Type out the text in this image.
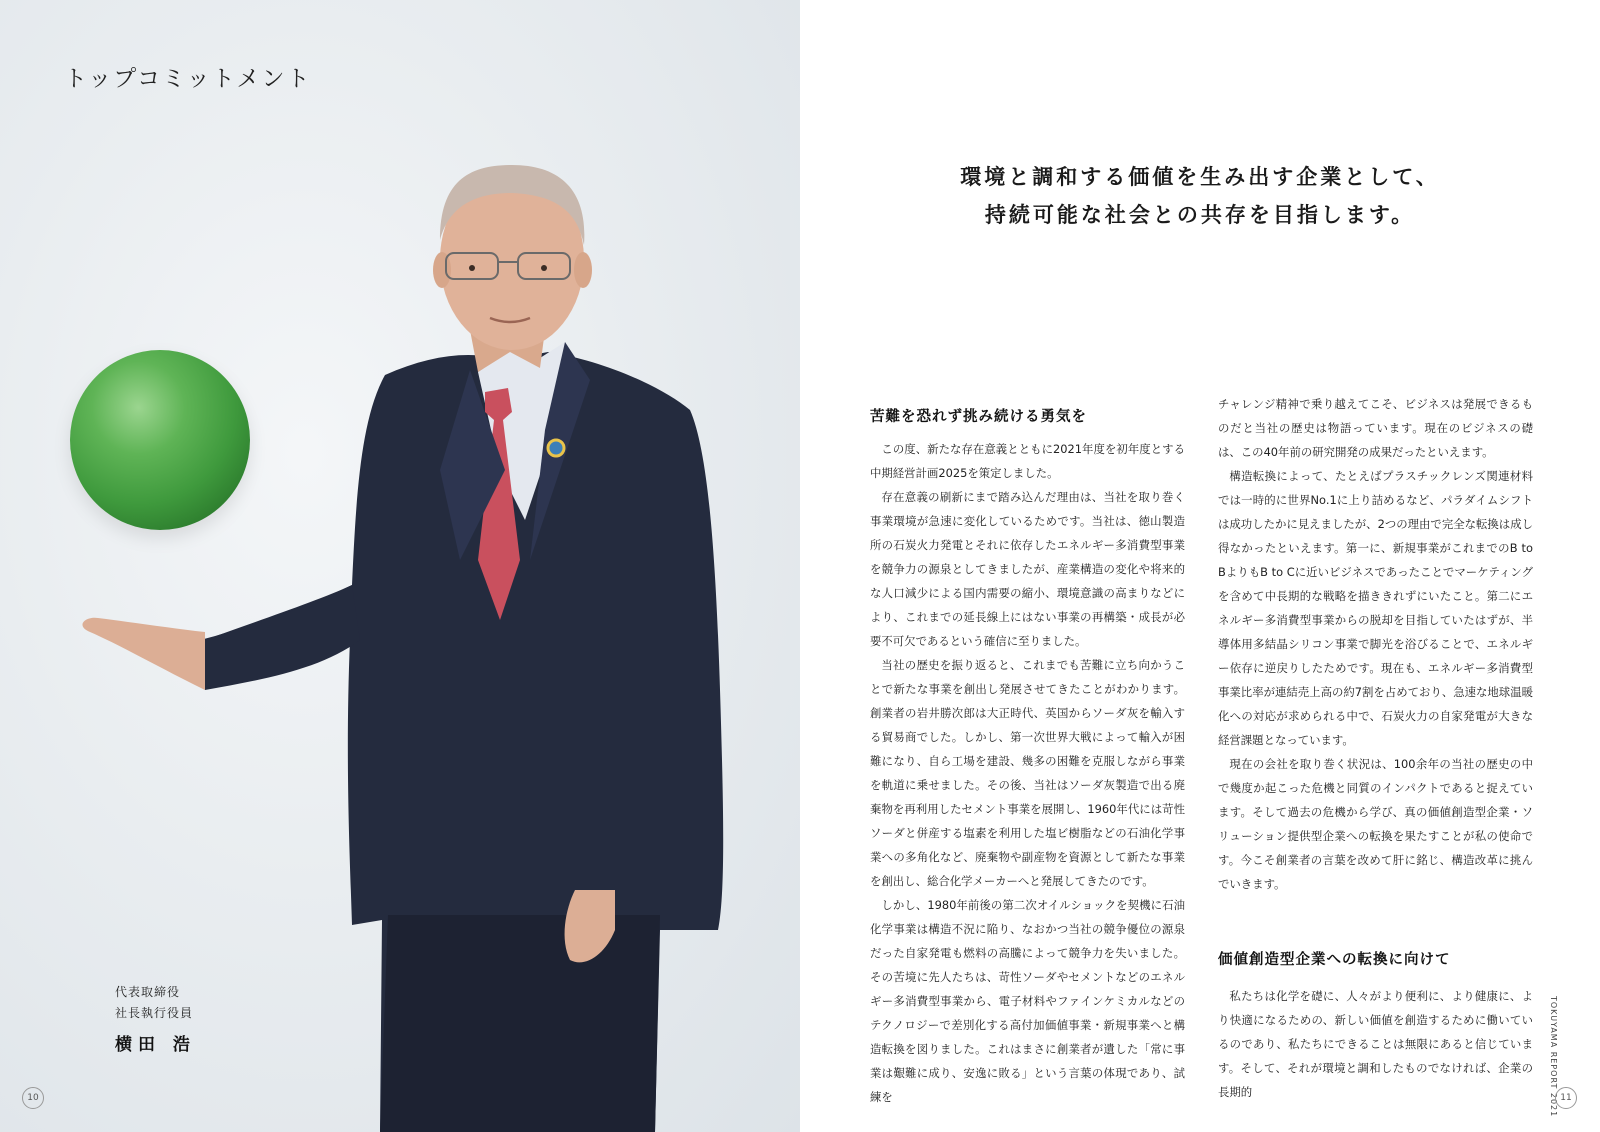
トップコミットメント
代表取締役
社長執行役員
横田 浩
10
環境と調和する価値を生み出す企業として、
持続可能な社会との共存を目指します。
苦難を恐れず挑み続ける勇気を

この度、新たな存在意義とともに2021年度を初年度とする中期経営計画2025を策定しました。

存在意義の刷新にまで踏み込んだ理由は、当社を取り巻く事業環境が急速に変化しているためです。当社は、徳山製造所の石炭火力発電とそれに依存したエネルギー多消費型事業を競争力の源泉としてきましたが、産業構造の変化や将来的な人口減少による国内需要の縮小、環境意識の高まりなどにより、これまでの延長線上にはない事業の再構築・成長が必要不可欠であるという確信に至りました。

当社の歴史を振り返ると、これまでも苦難に立ち向かうことで新たな事業を創出し発展させてきたことがわかります。創業者の岩井勝次郎は大正時代、英国からソーダ灰を輸入する貿易商でした。しかし、第一次世界大戦によって輸入が困難になり、自ら工場を建設、幾多の困難を克服しながら事業を軌道に乗せました。その後、当社はソーダ灰製造で出る廃棄物を再利用したセメント事業を展開し、1960年代には苛性ソーダと併産する塩素を利用した塩ビ樹脂などの石油化学事業への多角化など、廃棄物や副産物を資源として新たな事業を創出し、総合化学メーカーへと発展してきたのです。

しかし、1980年前後の第二次オイルショックを契機に石油化学事業は構造不況に陥り、なおかつ当社の競争優位の源泉だった自家発電も燃料の高騰によって競争力を失いました。その苦境に先人たちは、苛性ソーダやセメントなどのエネルギー多消費型事業から、電子材料やファインケミカルなどのテクノロジーで差別化する高付加価値事業・新規事業へと構造転換を図りました。これはまさに創業者が遺した「常に事業は艱難に成り、安逸に敗る」という言葉の体現であり、試練を

チャレンジ精神で乗り越えてこそ、ビジネスは発展できるものだと当社の歴史は物語っています。現在のビジネスの礎は、この40年前の研究開発の成果だったといえます。

構造転換によって、たとえばプラスチックレンズ関連材料では一時的に世界No.1に上り詰めるなど、パラダイムシフトは成功したかに見えましたが、2つの理由で完全な転換は成し得なかったといえます。第一に、新規事業がこれまでのB to BよりもB to Cに近いビジネスであったことでマーケティングを含めて中長期的な戦略を描ききれずにいたこと。第二にエネルギー多消費型事業からの脱却を目指していたはずが、半導体用多結晶シリコン事業で脚光を浴びることで、エネルギー依存に逆戻りしたためです。現在も、エネルギー多消費型事業比率が連結売上高の約7割を占めており、急速な地球温暖化への対応が求められる中で、石炭火力の自家発電が大きな経営課題となっています。

現在の会社を取り巻く状況は、100余年の当社の歴史の中で幾度か起こった危機と同質のインパクトであると捉えています。そして過去の危機から学び、真の価値創造型企業・ソリューション提供型企業への転換を果たすことが私の使命です。今こそ創業者の言葉を改めて肝に銘じ、構造改革に挑んでいきます。

価値創造型企業への転換に向けて

私たちは化学を礎に、人々がより便利に、より健康に、より快適になるための、新しい価値を創造するために働いているのであり、私たちにできることは無限にあると信じています。そして、それが環境と調和したものでなければ、企業の長期的	TOKUYAMA REPORT 2021 11
